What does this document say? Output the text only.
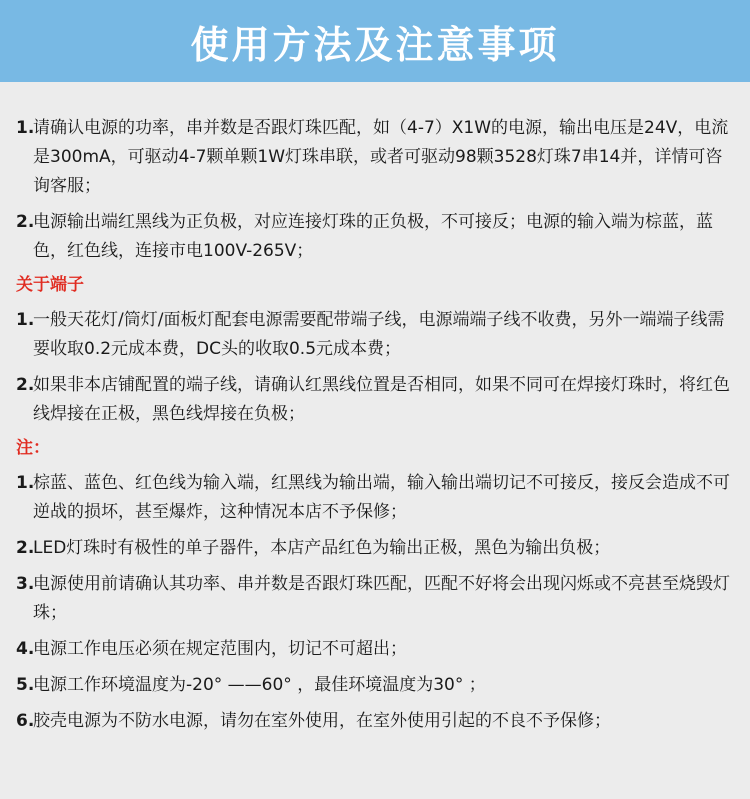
使用方法及注意事项
1.
请确认电源的功率，串并数是否跟灯珠匹配，如（4-7）X1W的电源，输出电压是24V，电流是300mA，可驱动4-7颗单颗1W灯珠串联，或者可驱动98颗3528灯珠7串14并，详情可咨询客服；
2.
电源输出端红黑线为正负极，对应连接灯珠的正负极，不可接反；电源的输入端为棕蓝，蓝色，红色线，连接市电100V-265V；
关于端子
1.
一般天花灯/筒灯/面板灯配套电源需要配带端子线，电源端端子线不收费，另外一端端子线需要收取0.2元成本费，DC头的收取0.5元成本费；
2.
如果非本店铺配置的端子线，请确认红黑线位置是否相同，如果不同可在焊接灯珠时，将红色线焊接在正极，黑色线焊接在负极；
注：
1.
棕蓝、蓝色、红色线为输入端，红黑线为输出端，输入输出端切记不可接反，接反会造成不可逆战的损坏，甚至爆炸，这种情况本店不予保修；
2.
LED灯珠时有极性的单子器件，本店产品红色为输出正极，黑色为输出负极；
3.
电源使用前请确认其功率、串并数是否跟灯珠匹配，匹配不好将会出现闪烁或不亮甚至烧毁灯珠；
4.
电源工作电压必须在规定范围内，切记不可超出；
5.
电源工作环境温度为-20° ——60° ，最佳环境温度为30° ；
6.
胶壳电源为不防水电源，请勿在室外使用，在室外使用引起的不良不予保修；
